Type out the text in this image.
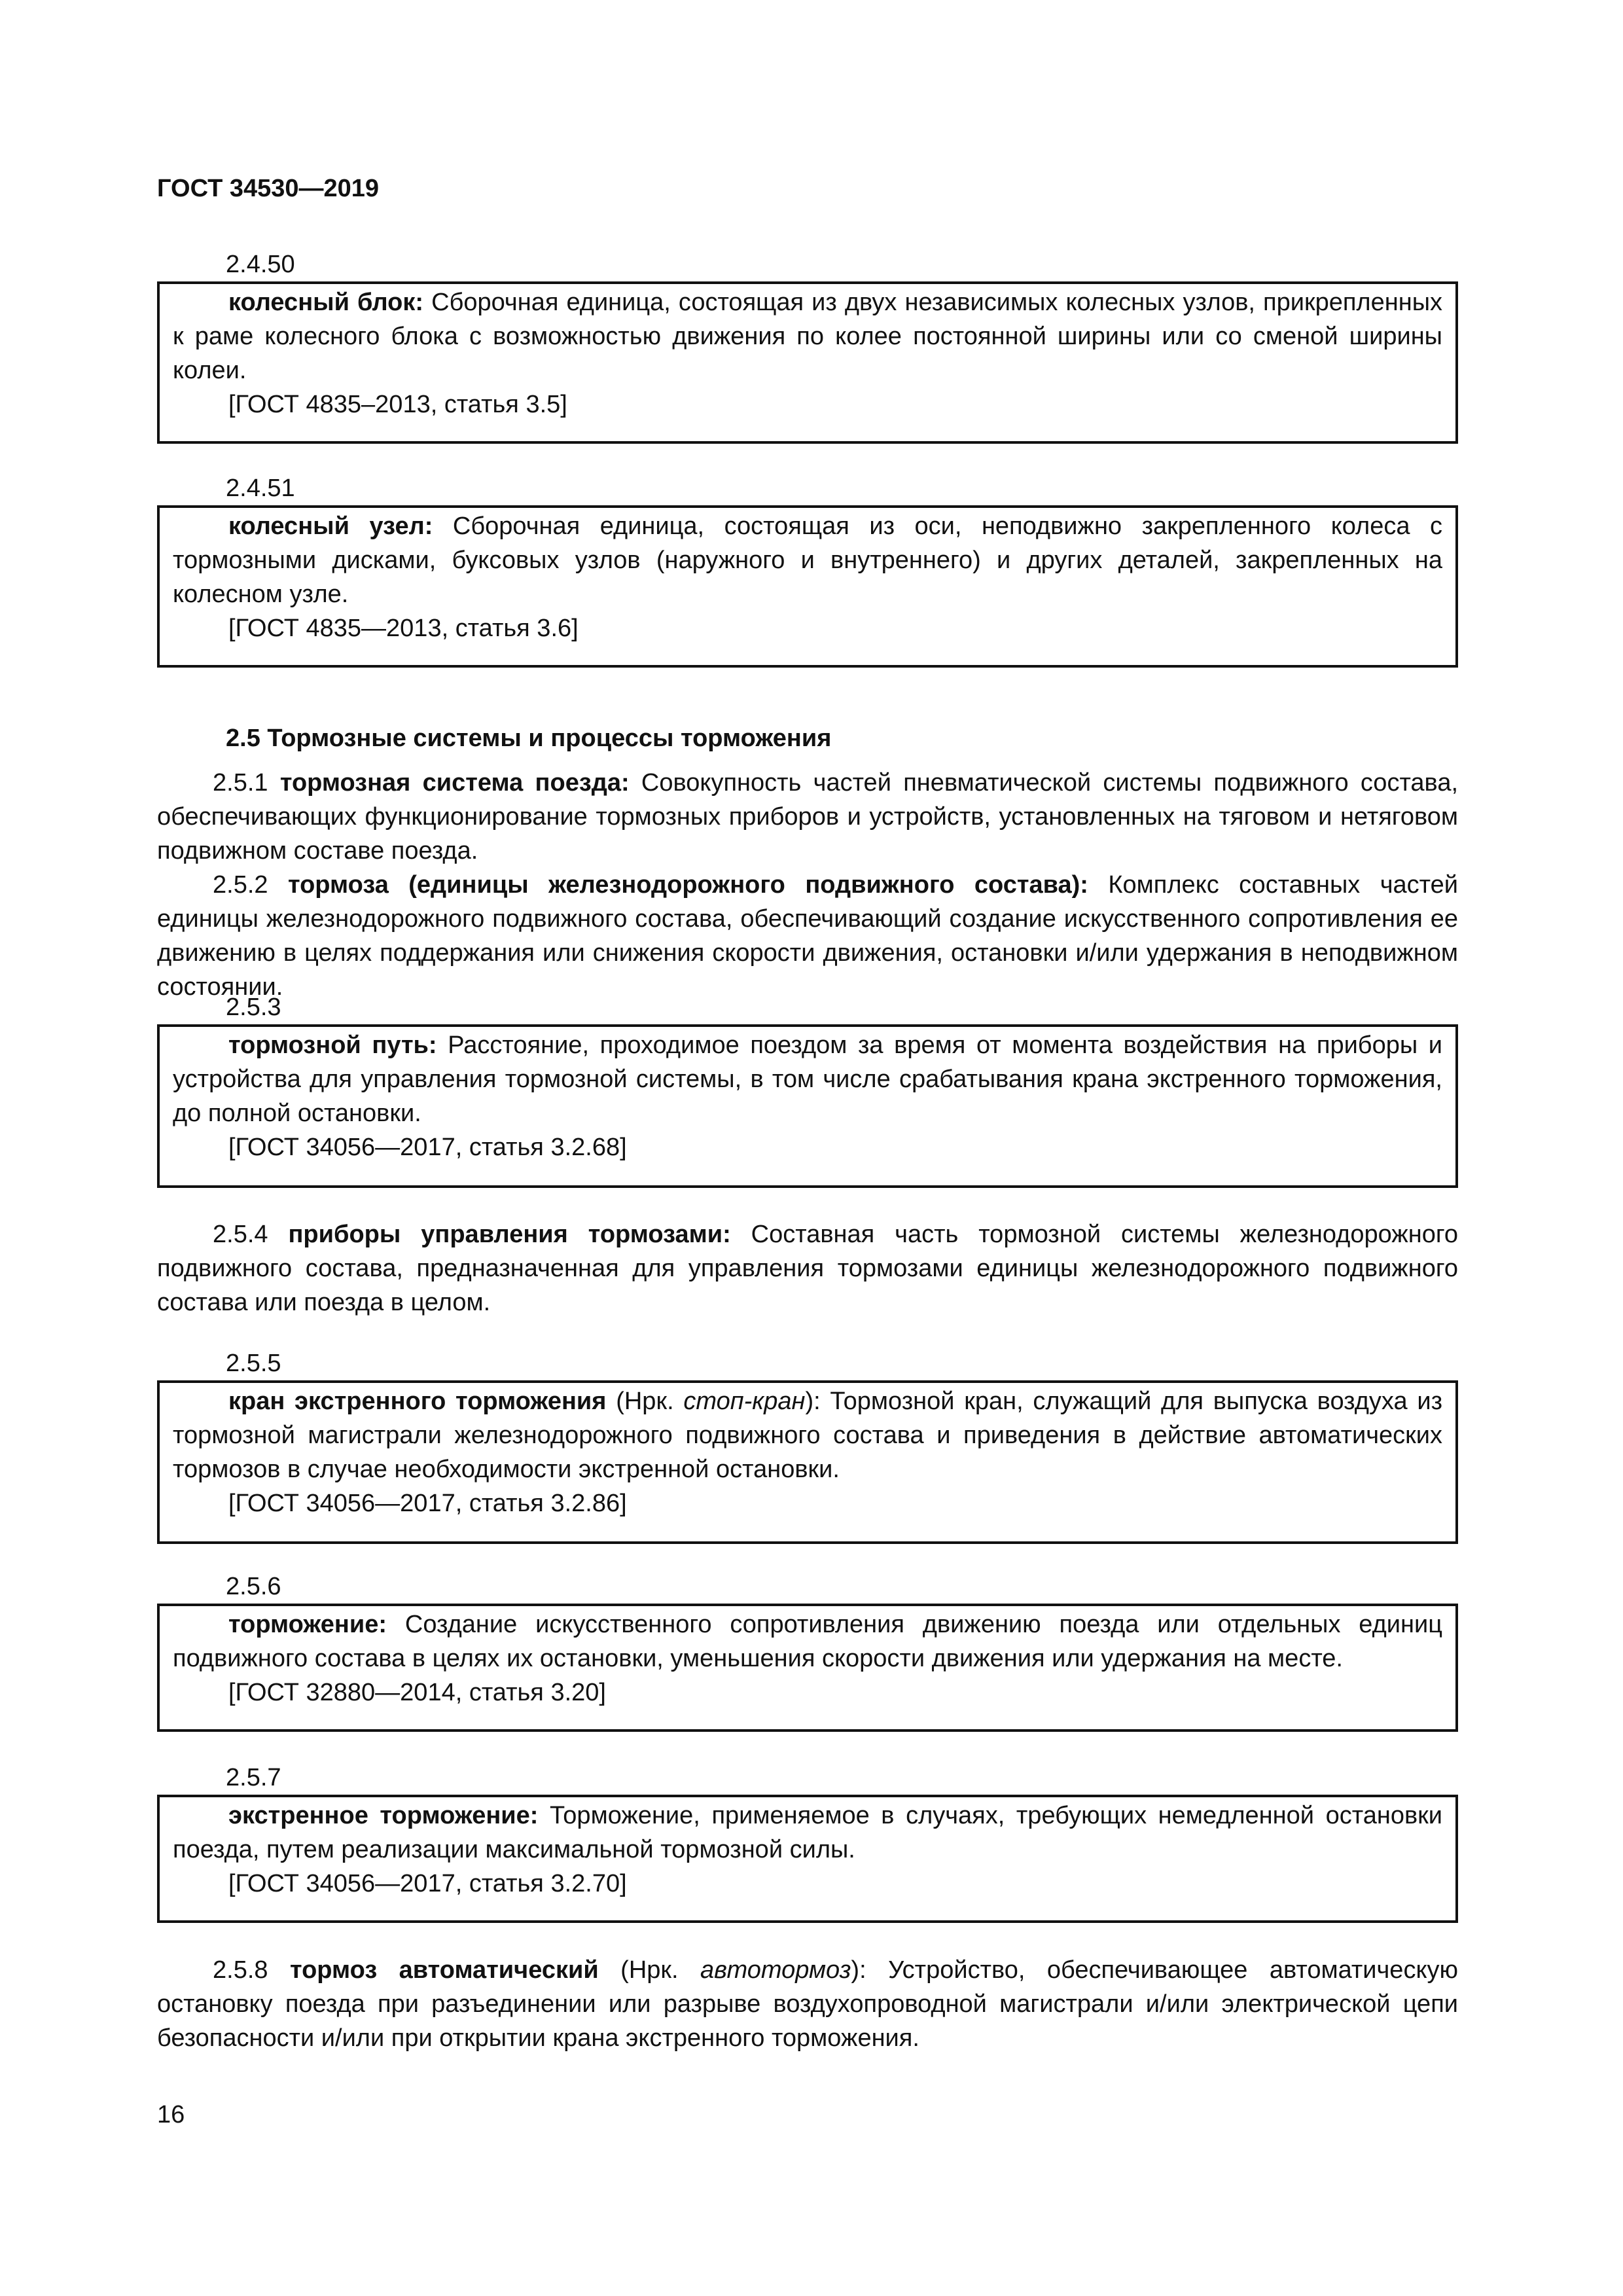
ГОСТ 34530—2019
2.4.50

колесный блок: Сборочная единица, состоящая из двух независимых колесных узлов, прикрепленных к раме колесного блока с возможностью движения по колее постоянной ширины или со сменой ширины колеи.

[ГОСТ 4835–2013, статья 3.5]

2.4.51

колесный узел: Сборочная единица, состоящая из оси, неподвижно закрепленного колеса с тормозными дисками, буксовых узлов (наружного и внутреннего) и других деталей, закрепленных на колесном узле.

[ГОСТ 4835—2013, статья 3.6]

2.5 Тормозные системы и процессы торможения

2.5.1 тормозная система поезда: Совокупность частей пневматической системы подвижного состава, обеспечивающих функционирование тормозных приборов и устройств, установленных на тяговом и нетяговом подвижном составе поезда.

2.5.2 тормоза (единицы железнодорожного подвижного состава): Комплекс составных частей единицы железнодорожного подвижного состава, обеспечивающий создание искусственного сопротивления ее движению в целях поддержания или снижения скорости движения, остановки и/или удержания в неподвижном состоянии.

2.5.3

тормозной путь: Расстояние, проходимое поездом за время от момента воздействия на приборы и устройства для управления тормозной системы, в том числе срабатывания крана экстренного торможения, до полной остановки.

[ГОСТ 34056—2017, статья 3.2.68]

2.5.4 приборы управления тормозами: Составная часть тормозной системы железнодорожного подвижного состава, предназначенная для управления тормозами единицы железнодорожного подвижного состава или поезда в целом.

2.5.5

кран экстренного торможения (Нрк. стоп-кран): Тормозной кран, служащий для выпуска воздуха из тормозной магистрали железнодорожного подвижного состава и приведения в действие автоматических тормозов в случае необходимости экстренной остановки.

[ГОСТ 34056—2017, статья 3.2.86]

2.5.6

торможение: Создание искусственного сопротивления движению поезда или отдельных единиц подвижного состава в целях их остановки, уменьшения скорости движения или удержания на месте.

[ГОСТ 32880—2014, статья 3.20]

2.5.7

экстренное торможение: Торможение, применяемое в случаях, требующих немедленной остановки поезда, путем реализации максимальной тормозной силы.

[ГОСТ 34056—2017, статья 3.2.70]

2.5.8 тормоз автоматический (Нрк. автотормоз): Устройство, обеспечивающее автоматическую остановку поезда при разъединении или разрыве воздухопроводной магистрали и/или электрической цепи безопасности и/или при открытии крана экстренного торможения.

16
